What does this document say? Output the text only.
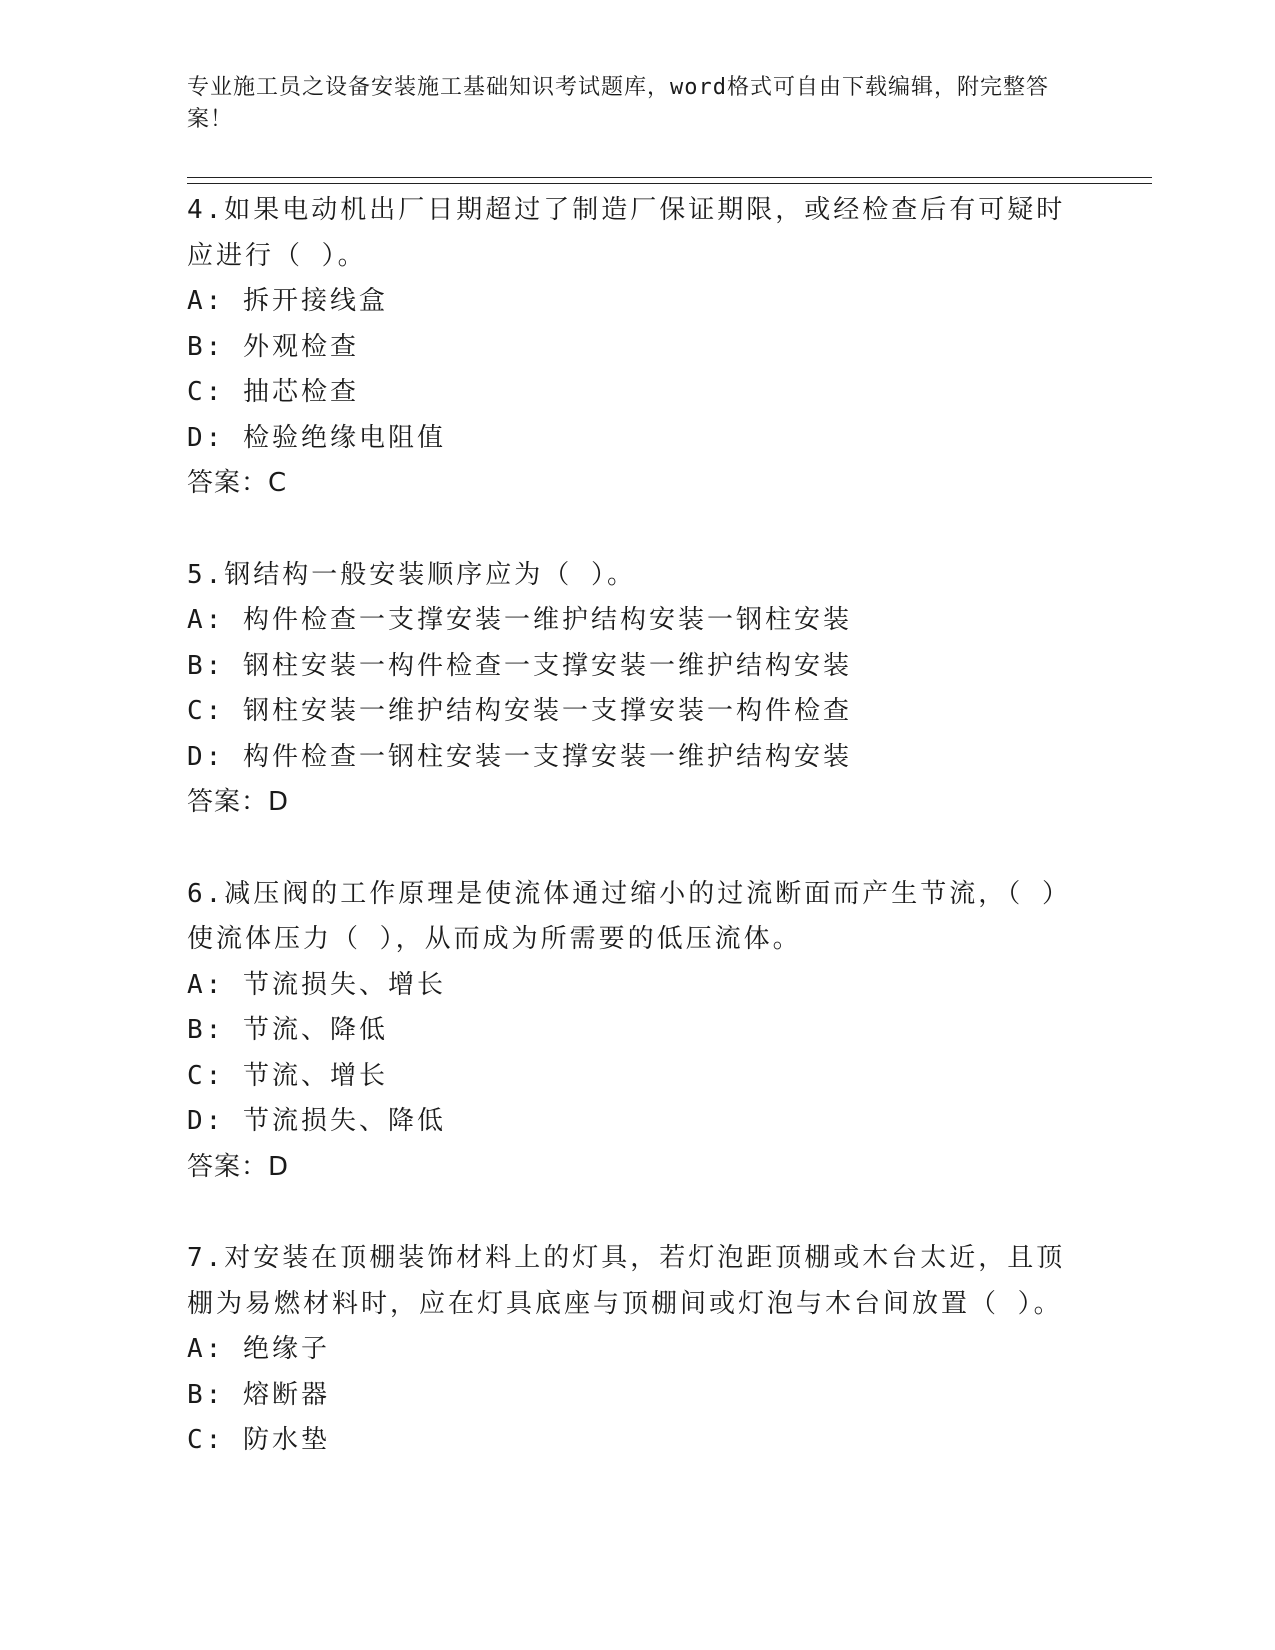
专业施工员之设备安装施工基础知识考试题库，word格式可自由下载编辑，附完整答案！

4.如果电动机出厂日期超过了制造厂保证期限，或经检查后有可疑时应进行（ ）。

A: 拆开接线盒

B: 外观检查

C: 抽芯检查

D: 检验绝缘电阻值

答案：C

5.钢结构一般安装顺序应为（ ）。

A: 构件检查一支撑安装一维护结构安装一钢柱安装

B: 钢柱安装一构件检查一支撑安装一维护结构安装

C: 钢柱安装一维护结构安装一支撑安装一构件检查

D: 构件检查一钢柱安装一支撑安装一维护结构安装

答案：D

6.减压阀的工作原理是使流体通过缩小的过流断面而产生节流，（ ）使流体压力（ ），从而成为所需要的低压流体。

A: 节流损失、增长

B: 节流、降低

C: 节流、增长

D: 节流损失、降低

答案：D

7.对安装在顶棚装饰材料上的灯具，若灯泡距顶棚或木台太近，且顶棚为易燃材料时，应在灯具底座与顶棚间或灯泡与木台间放置（ ）。

A: 绝缘子

B: 熔断器

C: 防水垫
